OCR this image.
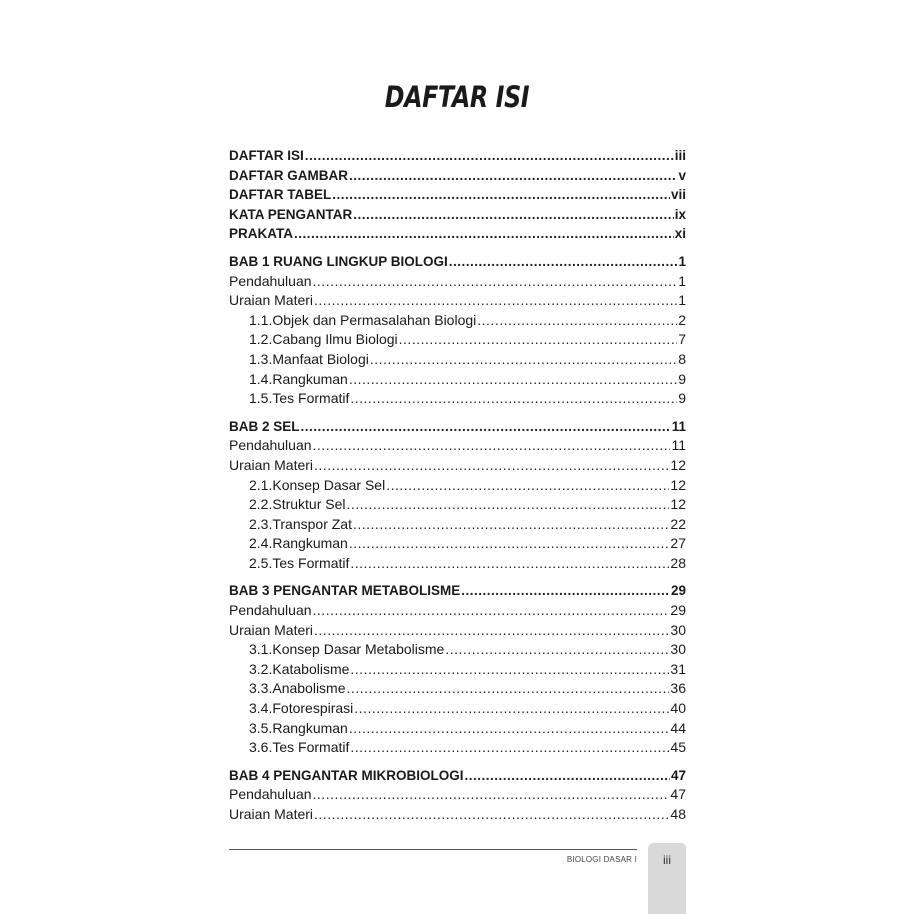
DAFTAR ISI
DAFTAR ISI .....	iii
DAFTAR GAMBAR .....	v
DAFTAR TABEL .....	vii
KATA PENGANTAR .....	ix
PRAKATA .....	xi
BAB 1 RUANG LINGKUP BIOLOGI .....	1
Pendahuluan .....	1
Uraian Materi .....	1
1.1.Objek dan Permasalahan Biologi .....	2
1.2.Cabang Ilmu Biologi .....	7
1.3.Manfaat Biologi .....	8
1.4.Rangkuman .....	9
1.5.Tes Formatif .....	9
BAB 2 SEL .....	11
Pendahuluan .....	11
Uraian Materi .....	12
2.1.Konsep Dasar Sel .....	12
2.2.Struktur Sel .....	12
2.3.Transpor Zat .....	22
2.4.Rangkuman .....	27
2.5.Tes Formatif .....	28
BAB 3 PENGANTAR METABOLISME .....	29
Pendahuluan .....	29
Uraian Materi .....	30
3.1.Konsep Dasar Metabolisme .....	30
3.2.Katabolisme .....	31
3.3.Anabolisme .....	36
3.4.Fotorespirasi .....	40
3.5.Rangkuman .....	44
3.6.Tes Formatif .....	45
BAB 4 PENGANTAR MIKROBIOLOGI .....	47
Pendahuluan .....	47
Uraian Materi .....	48
BIOLOGI DASAR I	iii
